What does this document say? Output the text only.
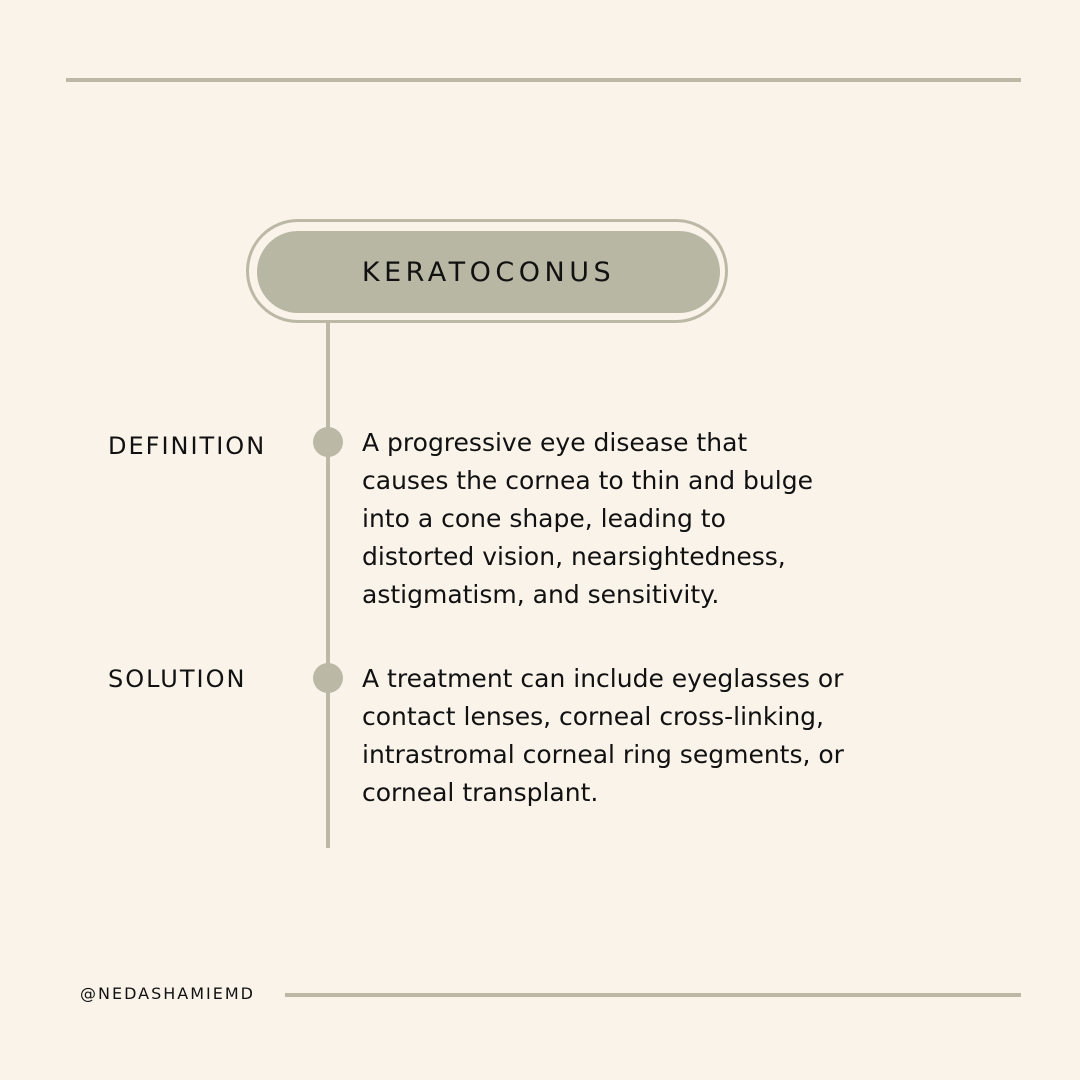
KERATOCONUS
DEFINITION	A progressive eye disease that
causes the cornea to thin and bulge
into a cone shape, leading to
distorted vision, nearsightedness,
astigmatism, and sensitivity.
SOLUTION	A treatment can include eyeglasses or
contact lenses, corneal cross-linking,
intrastromal corneal ring segments, or
corneal transplant.
@NEDASHAMIEMD
